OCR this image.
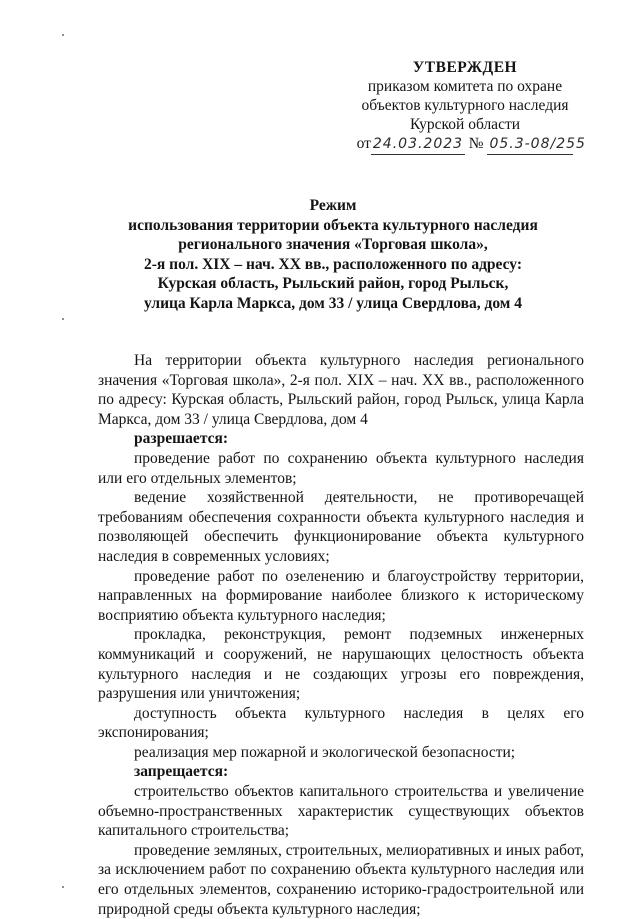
УТВЕРЖДЕН
приказом комитета по охране
объектов культурного наследия
Курской области
от 24.03.2023 № 05.3-08/255
Режим
использования территории объекта культурного наследия
регионального значения «Торговая школа»,
2-я пол. XIX – нач. XX вв., расположенного по адресу:
Курская область, Рыльский район, город Рыльск,
улица Карла Маркса, дом 33 / улица Свердлова, дом 4

На территории объекта культурного наследия регионального значения «Торговая школа», 2-я пол. XIX – нач. XX вв., расположенного по адресу: Курская область, Рыльский район, город Рыльск, улица Карла Маркса, дом 33 / улица Свердлова, дом 4

разрешается:

проведение работ по сохранению объекта культурного наследия или его отдельных элементов;

ведение хозяйственной деятельности, не противоречащей требованиям обеспечения сохранности объекта культурного наследия и позволяющей обеспечить функционирование объекта культурного наследия в современных условиях;

проведение работ по озеленению и благоустройству территории, направленных на формирование наиболее близкого к историческому восприятию объекта культурного наследия;

прокладка, реконструкция, ремонт подземных инженерных коммуникаций и сооружений, не нарушающих целостность объекта культурного наследия и не создающих угрозы его повреждения, разрушения или уничтожения;

доступность объекта культурного наследия в целях его экспонирования;

реализация мер пожарной и экологической безопасности;

запрещается:

строительство объектов капитального строительства и увеличение объемно-пространственных характеристик существующих объектов капитального строительства;

проведение земляных, строительных, мелиоративных и иных работ, за исключением работ по сохранению объекта культурного наследия или его отдельных элементов, сохранению историко-градостроительной или природной среды объекта культурного наследия;
